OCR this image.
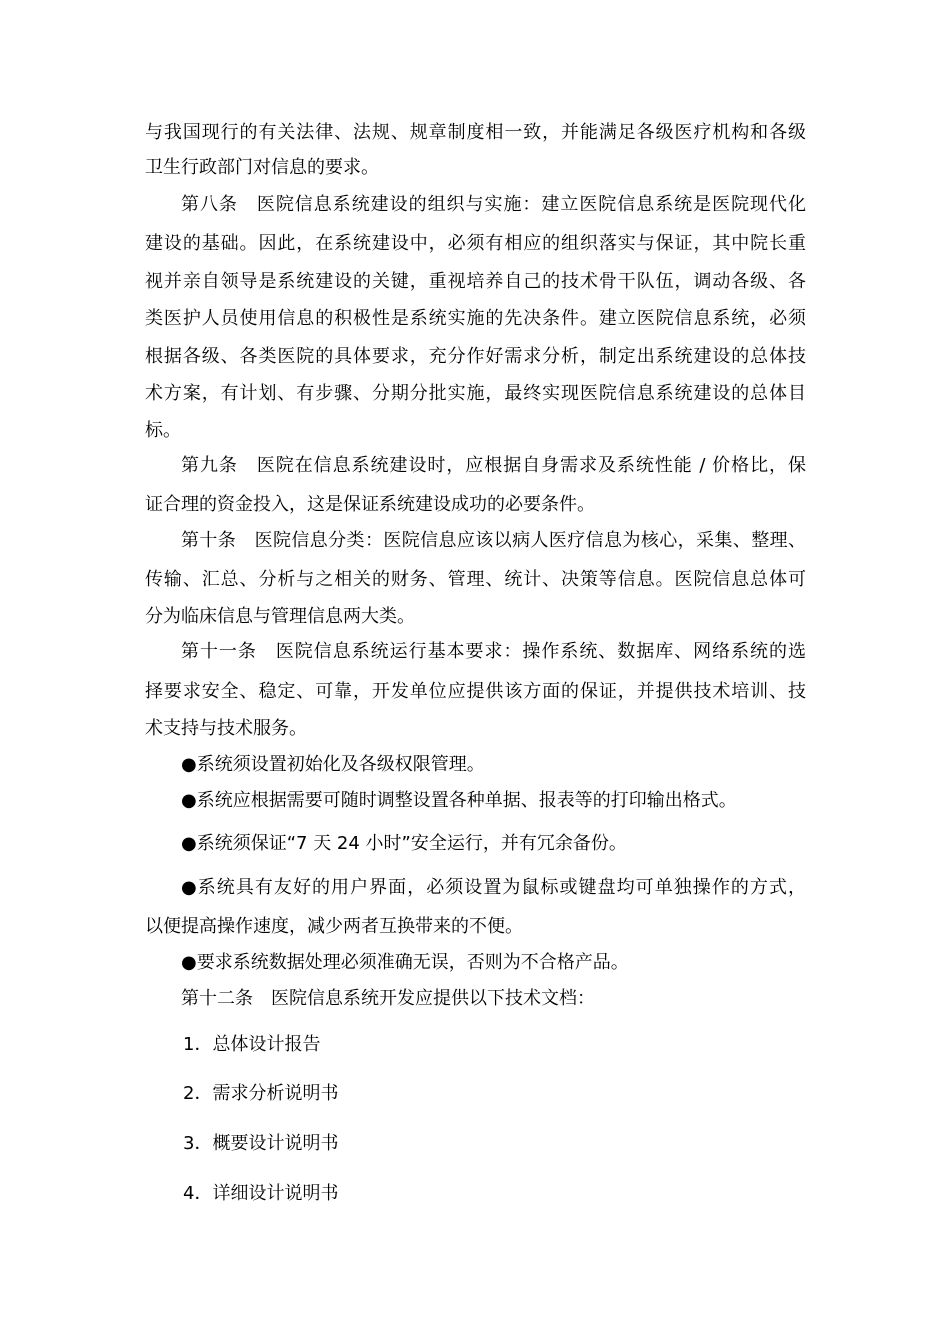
与我国现行的有关法律、法规、规章制度相一致，并能满足各级医疗机构和各级

卫生行政部门对信息的要求。

第八条　医院信息系统建设的组织与实施：建立医院信息系统是医院现代化

建设的基础。因此，在系统建设中，必须有相应的组织落实与保证，其中院长重

视并亲自领导是系统建设的关键，重视培养自己的技术骨干队伍，调动各级、各

类医护人员使用信息的积极性是系统实施的先决条件。建立医院信息系统，必须

根据各级、各类医院的具体要求，充分作好需求分析，制定出系统建设的总体技

术方案，有计划、有步骤、分期分批实施，最终实现医院信息系统建设的总体目

标。

第九条　医院在信息系统建设时，应根据自身需求及系统性能 / 价格比，保

证合理的资金投入，这是保证系统建设成功的必要条件。

第十条　医院信息分类：医院信息应该以病人医疗信息为核心，采集、整理、

传输、汇总、分析与之相关的财务、管理、统计、决策等信息。医院信息总体可

分为临床信息与管理信息两大类。

第十一条　医院信息系统运行基本要求：操作系统、数据库、网络系统的选

择要求安全、稳定、可靠，开发单位应提供该方面的保证，并提供技术培训、技

术支持与技术服务。

●系统须设置初始化及各级权限管理。

●系统应根据需要可随时调整设置各种单据、报表等的打印输出格式。

●系统须保证“7 天 24 小时”安全运行，并有冗余备份。

●系统具有友好的用户界面，必须设置为鼠标或键盘均可单独操作的方式，

以便提高操作速度，减少两者互换带来的不便。

●要求系统数据处理必须准确无误，否则为不合格产品。

第十二条　医院信息系统开发应提供以下技术文档：

1．总体设计报告

2．需求分析说明书

3．概要设计说明书

4．详细设计说明书
